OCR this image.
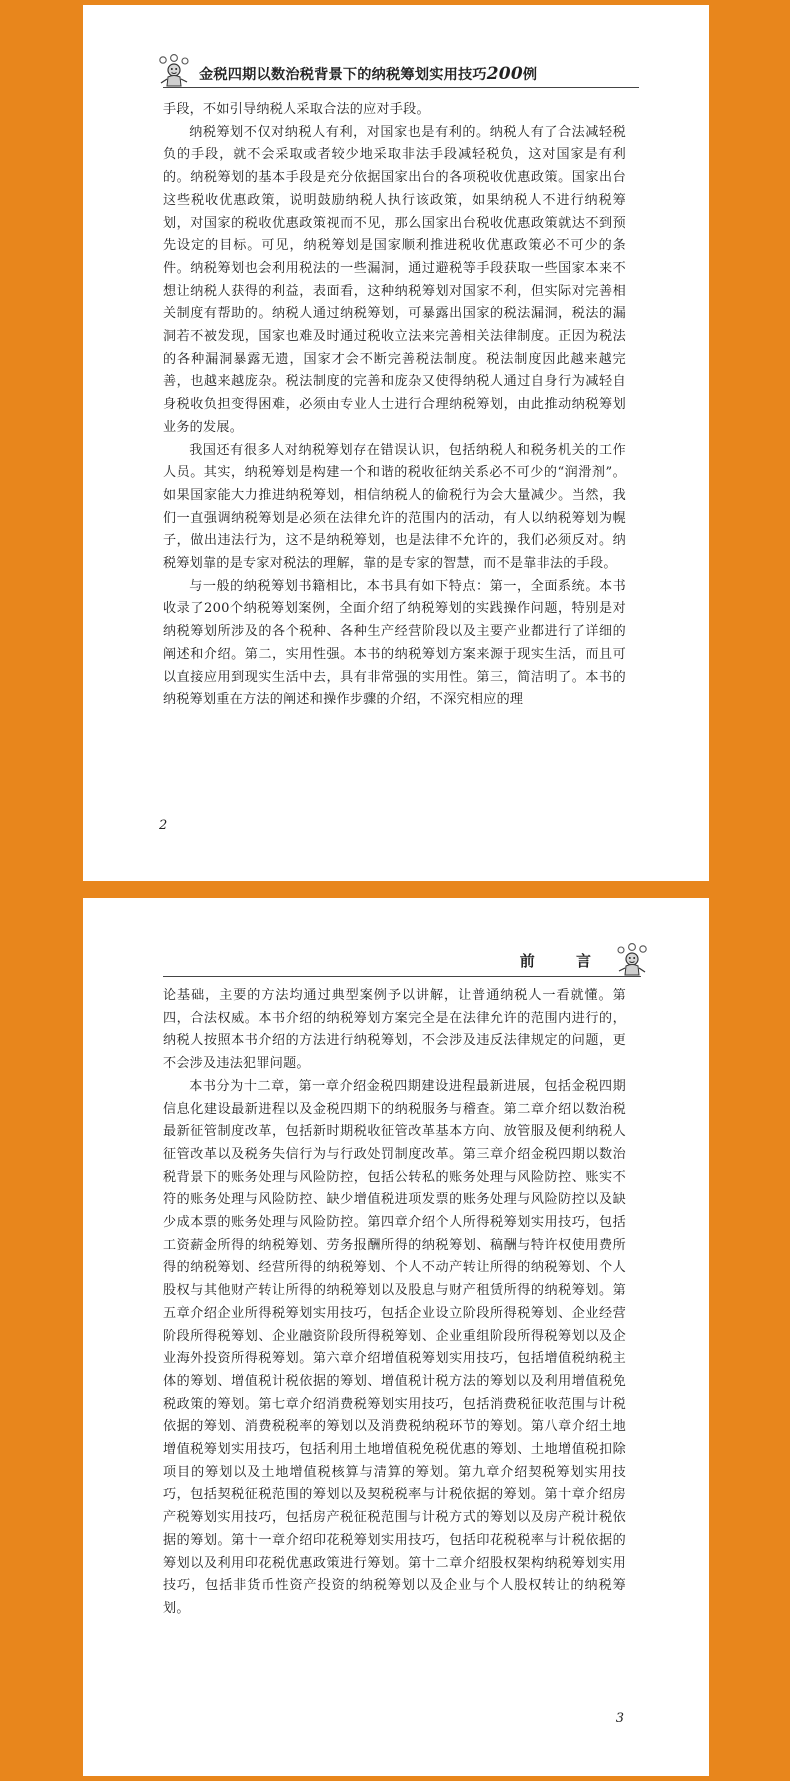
金税四期以数治税背景下的纳税筹划实用技巧200例

手段，不如引导纳税人采取合法的应对手段。

纳税筹划不仅对纳税人有利，对国家也是有利的。纳税人有了合法减轻税负的手段，就不会采取或者较少地采取非法手段减轻税负，这对国家是有利的。纳税筹划的基本手段是充分依据国家出台的各项税收优惠政策。国家出台这些税收优惠政策，说明鼓励纳税人执行该政策，如果纳税人不进行纳税筹划，对国家的税收优惠政策视而不见，那么国家出台税收优惠政策就达不到预先设定的目标。可见，纳税筹划是国家顺利推进税收优惠政策必不可少的条件。纳税筹划也会利用税法的一些漏洞，通过避税等手段获取一些国家本来不想让纳税人获得的利益，表面看，这种纳税筹划对国家不利，但实际对完善相关制度有帮助的。纳税人通过纳税筹划，可暴露出国家的税法漏洞，税法的漏洞若不被发现，国家也难及时通过税收立法来完善相关法律制度。正因为税法的各种漏洞暴露无遗，国家才会不断完善税法制度。税法制度因此越来越完善，也越来越庞杂。税法制度的完善和庞杂又使得纳税人通过自身行为减轻自身税收负担变得困难，必须由专业人士进行合理纳税筹划，由此推动纳税筹划业务的发展。

我国还有很多人对纳税筹划存在错误认识，包括纳税人和税务机关的工作人员。其实，纳税筹划是构建一个和谐的税收征纳关系必不可少的“润滑剂”。如果国家能大力推进纳税筹划，相信纳税人的偷税行为会大量减少。当然，我们一直强调纳税筹划是必须在法律允许的范围内的活动，有人以纳税筹划为幌子，做出违法行为，这不是纳税筹划，也是法律不允许的，我们必须反对。纳税筹划靠的是专家对税法的理解，靠的是专家的智慧，而不是靠非法的手段。

与一般的纳税筹划书籍相比，本书具有如下特点：第一，全面系统。本书收录了200个纳税筹划案例，全面介绍了纳税筹划的实践操作问题，特别是对纳税筹划所涉及的各个税种、各种生产经营阶段以及主要产业都进行了详细的阐述和介绍。第二，实用性强。本书的纳税筹划方案来源于现实生活，而且可以直接应用到现实生活中去，具有非常强的实用性。第三，简洁明了。本书的纳税筹划重在方法的阐述和操作步骤的介绍，不深究相应的理

2
前 言

论基础，主要的方法均通过典型案例予以讲解，让普通纳税人一看就懂。第四，合法权威。本书介绍的纳税筹划方案完全是在法律允许的范围内进行的，纳税人按照本书介绍的方法进行纳税筹划，不会涉及违反法律规定的问题，更不会涉及违法犯罪问题。

本书分为十二章，第一章介绍金税四期建设进程最新进展，包括金税四期信息化建设最新进程以及金税四期下的纳税服务与稽查。第二章介绍以数治税最新征管制度改革，包括新时期税收征管改革基本方向、放管服及便利纳税人征管改革以及税务失信行为与行政处罚制度改革。第三章介绍金税四期以数治税背景下的账务处理与风险防控，包括公转私的账务处理与风险防控、账实不符的账务处理与风险防控、缺少增值税进项发票的账务处理与风险防控以及缺少成本票的账务处理与风险防控。第四章介绍个人所得税筹划实用技巧，包括工资薪金所得的纳税筹划、劳务报酬所得的纳税筹划、稿酬与特许权使用费所得的纳税筹划、经营所得的纳税筹划、个人不动产转让所得的纳税筹划、个人股权与其他财产转让所得的纳税筹划以及股息与财产租赁所得的纳税筹划。第五章介绍企业所得税筹划实用技巧，包括企业设立阶段所得税筹划、企业经营阶段所得税筹划、企业融资阶段所得税筹划、企业重组阶段所得税筹划以及企业海外投资所得税筹划。第六章介绍增值税筹划实用技巧，包括增值税纳税主体的筹划、增值税计税依据的筹划、增值税计税方法的筹划以及利用增值税免税政策的筹划。第七章介绍消费税筹划实用技巧，包括消费税征收范围与计税依据的筹划、消费税税率的筹划以及消费税纳税环节的筹划。第八章介绍土地增值税筹划实用技巧，包括利用土地增值税免税优惠的筹划、土地增值税扣除项目的筹划以及土地增值税核算与清算的筹划。第九章介绍契税筹划实用技巧，包括契税征税范围的筹划以及契税税率与计税依据的筹划。第十章介绍房产税筹划实用技巧，包括房产税征税范围与计税方式的筹划以及房产税计税依据的筹划。第十一章介绍印花税筹划实用技巧，包括印花税税率与计税依据的筹划以及利用印花税优惠政策进行筹划。第十二章介绍股权架构纳税筹划实用技巧，包括非货币性资产投资的纳税筹划以及企业与个人股权转让的纳税筹划。

3
